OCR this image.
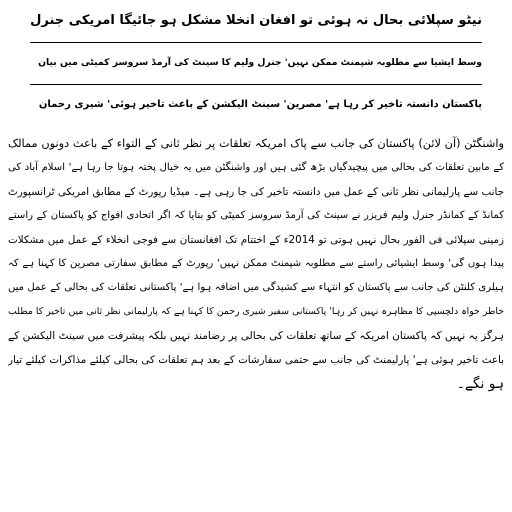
نیٹو سپلائی بحال نہ ہوئی تو افغان انخلا مشکل ہو جائیگا امریکی جنرل
وسط ایشیا سے مطلوبہ شپمنٹ ممکن نہیں' جنرل ولیم کا سینٹ کی آرمڈ سروسز کمیٹی میں بیان
پاکستان دانستہ تاخیر کر رہا ہے' مصرین' سینٹ الیکشن کے باعث تاخیر ہوئی' شیری رحمان
واشنگٹن (آن لائن) پاکستان کی جانب سے پاک امریکہ تعلقات پر نظر ثانی کے التواء کے باعث دونوں ممالک
کے مابین تعلقات کی بحالی میں پیچیدگیاں بڑھ گئی ہیں اور واشنگٹن میں یہ خیال پختہ ہوتا جا رہا ہے' اسلام آباد کی
جانب سے پارلیمانی نظر ثانی کے عمل میں دانستہ تاخیر کی جا رہی ہے۔ میڈیا رپورٹ کے مطابق امریکی ٹرانسپورٹ
کمانڈ کے کمانڈر جنرل ولیم فریزر نے سینٹ کی آرمڈ سروسز کمیٹی کو بتایا کہ اگر اتحادی افواج کو پاکستان کے راستے
زمینی سپلائی فی الفور بحال نہیں ہوتی تو 2014ء کے اختتام تک افغانستان سے فوجی انخلاء کے عمل میں مشکلات
پیدا ہوں گی' وسط ایشیائی راستے سے مطلوبہ شپمنٹ ممکن نہیں' رپورٹ کے مطابق سفارتی مصرین کا کہنا ہے کہ
ہیلری کلنٹن کی جانب سے پاکستان کو انتہاء سے کشیدگی میں اضافہ ہوا ہے' پاکستانی تعلقات کی بحالی کے عمل میں
خاطر خواہ دلچسپی کا مظاہرہ نہیں کر رہا' پاکستانی سفیر شیری رحمن کا کہنا ہے کہ پارلیمانی نظر ثانی میں تاخیر کا مطلب
ہرگز یہ نہیں کہ پاکستان امریکہ کے ساتھ تعلقات کی بحالی پر رضامند نہیں بلکہ پیشرفت میں سینٹ الیکشن کے
باعث تاخیر ہوئی ہے' پارلیمنٹ کی جانب سے حتمی سفارشات کے بعد ہم تعلقات کی بحالی کیلئے مذاکرات کیلئے تیار
ہو نگے۔
